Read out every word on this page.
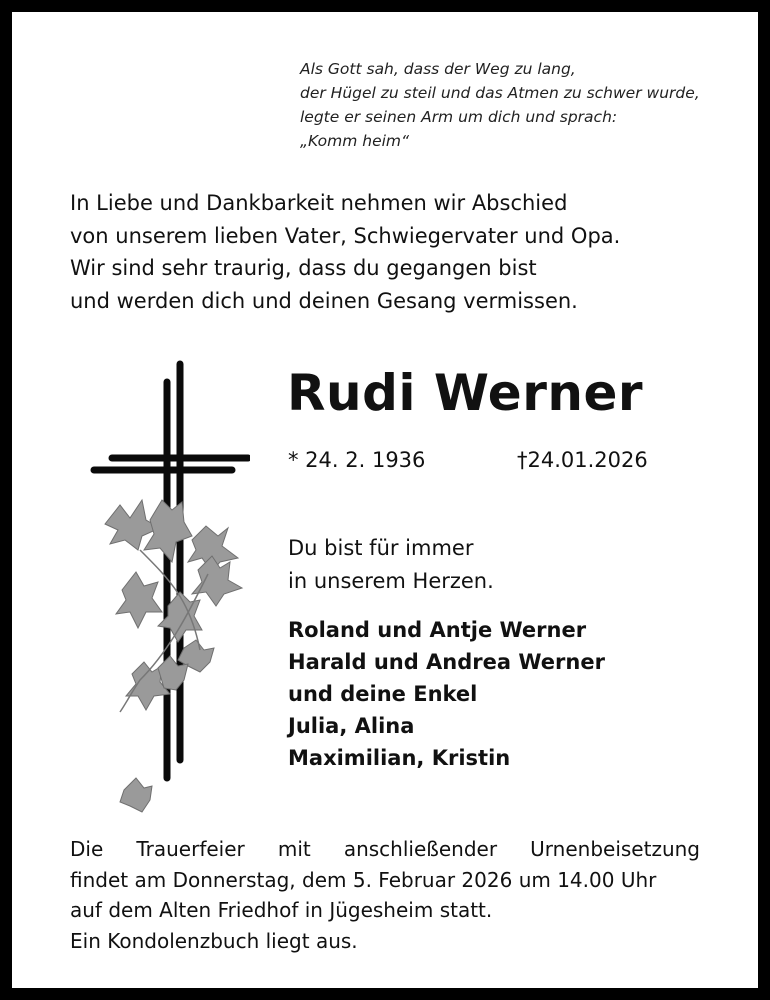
Als Gott sah, dass der Weg zu lang,
der Hügel zu steil und das Atmen zu schwer wurde,
legte er seinen Arm um dich und sprach:
„Komm heim“
In Liebe und Dankbarkeit nehmen wir Abschied
von unserem lieben Vater, Schwiegervater und Opa.
Wir sind sehr traurig, dass du gegangen bist
und werden dich und deinen Gesang vermissen.
Rudi Werner
* 24. 2. 1936	†24.01.2026
Du bist für immer
in unserem Herzen.
Roland und Antje Werner
Harald und Andrea Werner
und deine Enkel
Julia, Alina
Maximilian, Kristin
Die Trauerfeier mit anschließender Urnenbeisetzung
findet am Donnerstag, dem 5. Februar 2026 um 14.00 Uhr
auf dem Alten Friedhof in Jügesheim statt.
Ein Kondolenzbuch liegt aus.
